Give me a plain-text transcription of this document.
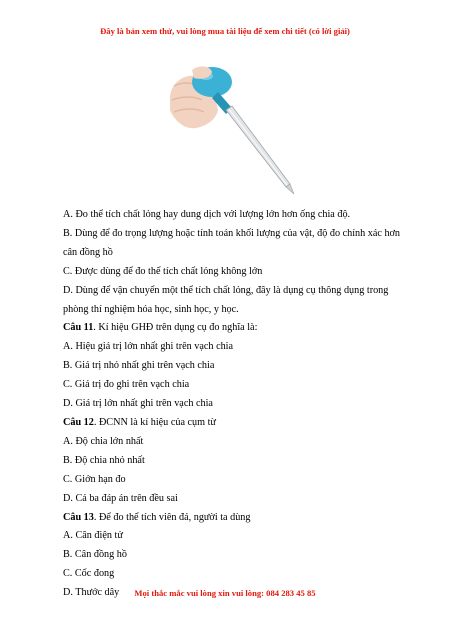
Đây là bản xem thử, vui lòng mua tài liệu để xem chi tiết (có lời giải)

A. Đo thể tích chất lỏng hay dung dịch với lượng lớn hơn ống chia độ.

B. Dùng để đo trọng lượng hoặc tính toán khối lượng của vật, độ đo chính xác hơn cân đồng hồ

C. Được dùng để đo thể tích chất lỏng không lớn

D. Dùng để vận chuyển một thể tích chất lỏng, đây là dụng cụ thông dụng trong phòng thí nghiệm hóa học, sinh học, y học.

Câu 11. Kí hiệu GHĐ trên dụng cụ đo nghĩa là:

A. Hiệu giá trị lớn nhất ghi trên vạch chia

B. Giá trị nhỏ nhất ghi trên vạch chia

C. Giá trị đo ghi trên vạch chia

D. Giá trị lớn nhất ghi trên vạch chia

Câu 12. ĐCNN là kí hiệu của cụm từ

A. Độ chia lớn nhất

B. Độ chia nhỏ nhất

C. Giớn hạn đo

D. Cả ba đáp án trên đều sai

Câu 13. Để đo thể tích viên đá, người ta dùng

A. Cân điện tử

B. Cân đồng hồ

C. Cốc đong

D. Thước dây	Mọi thắc mắc vui lòng xin vui lòng: 084 283 45 85
